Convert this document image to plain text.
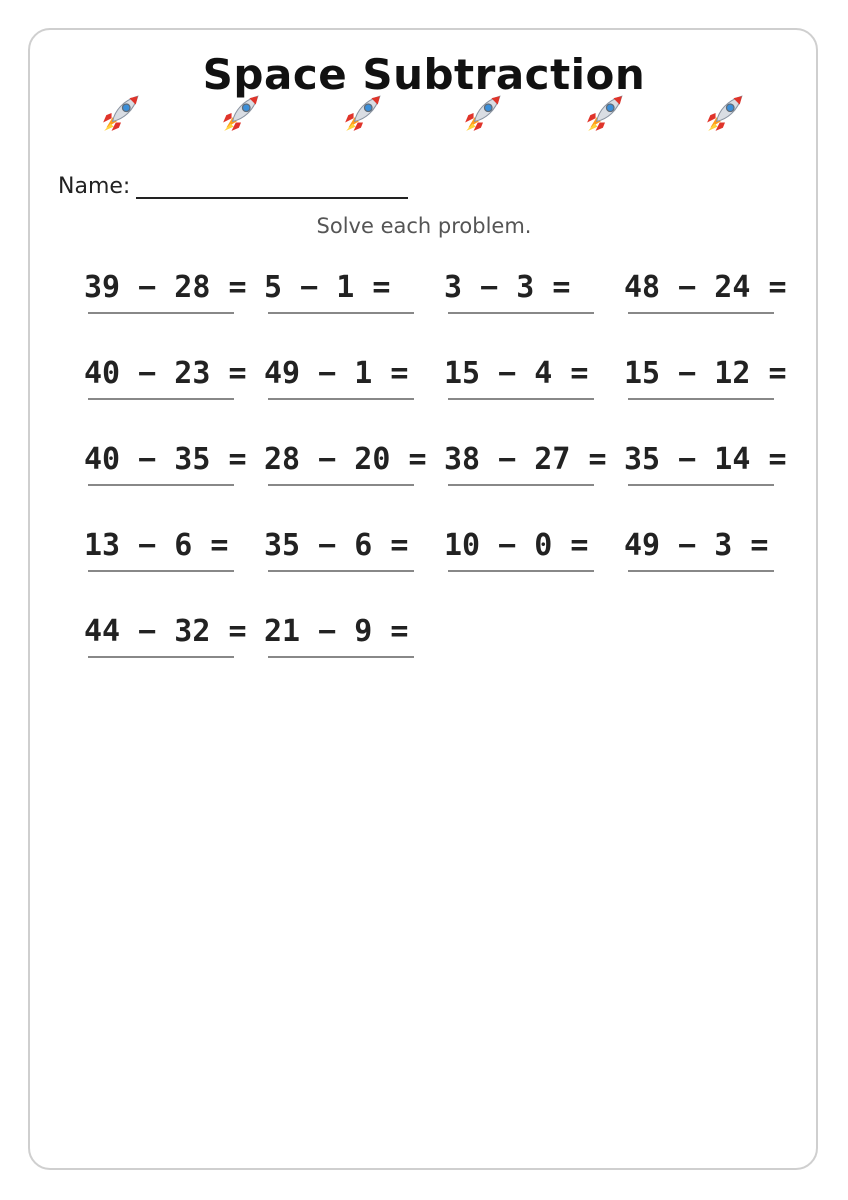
Space Subtraction
Name:
Solve each problem.
39 − 28 = 5 − 1 = 3 − 3 = 48 − 24 =
40 − 23 = 49 − 1 = 15 − 4 = 15 − 12 =
40 − 35 = 28 − 20 = 38 − 27 = 35 − 14 =
13 − 6 = 35 − 6 = 10 − 0 = 49 − 3 =
44 − 32 = 21 − 9 =
